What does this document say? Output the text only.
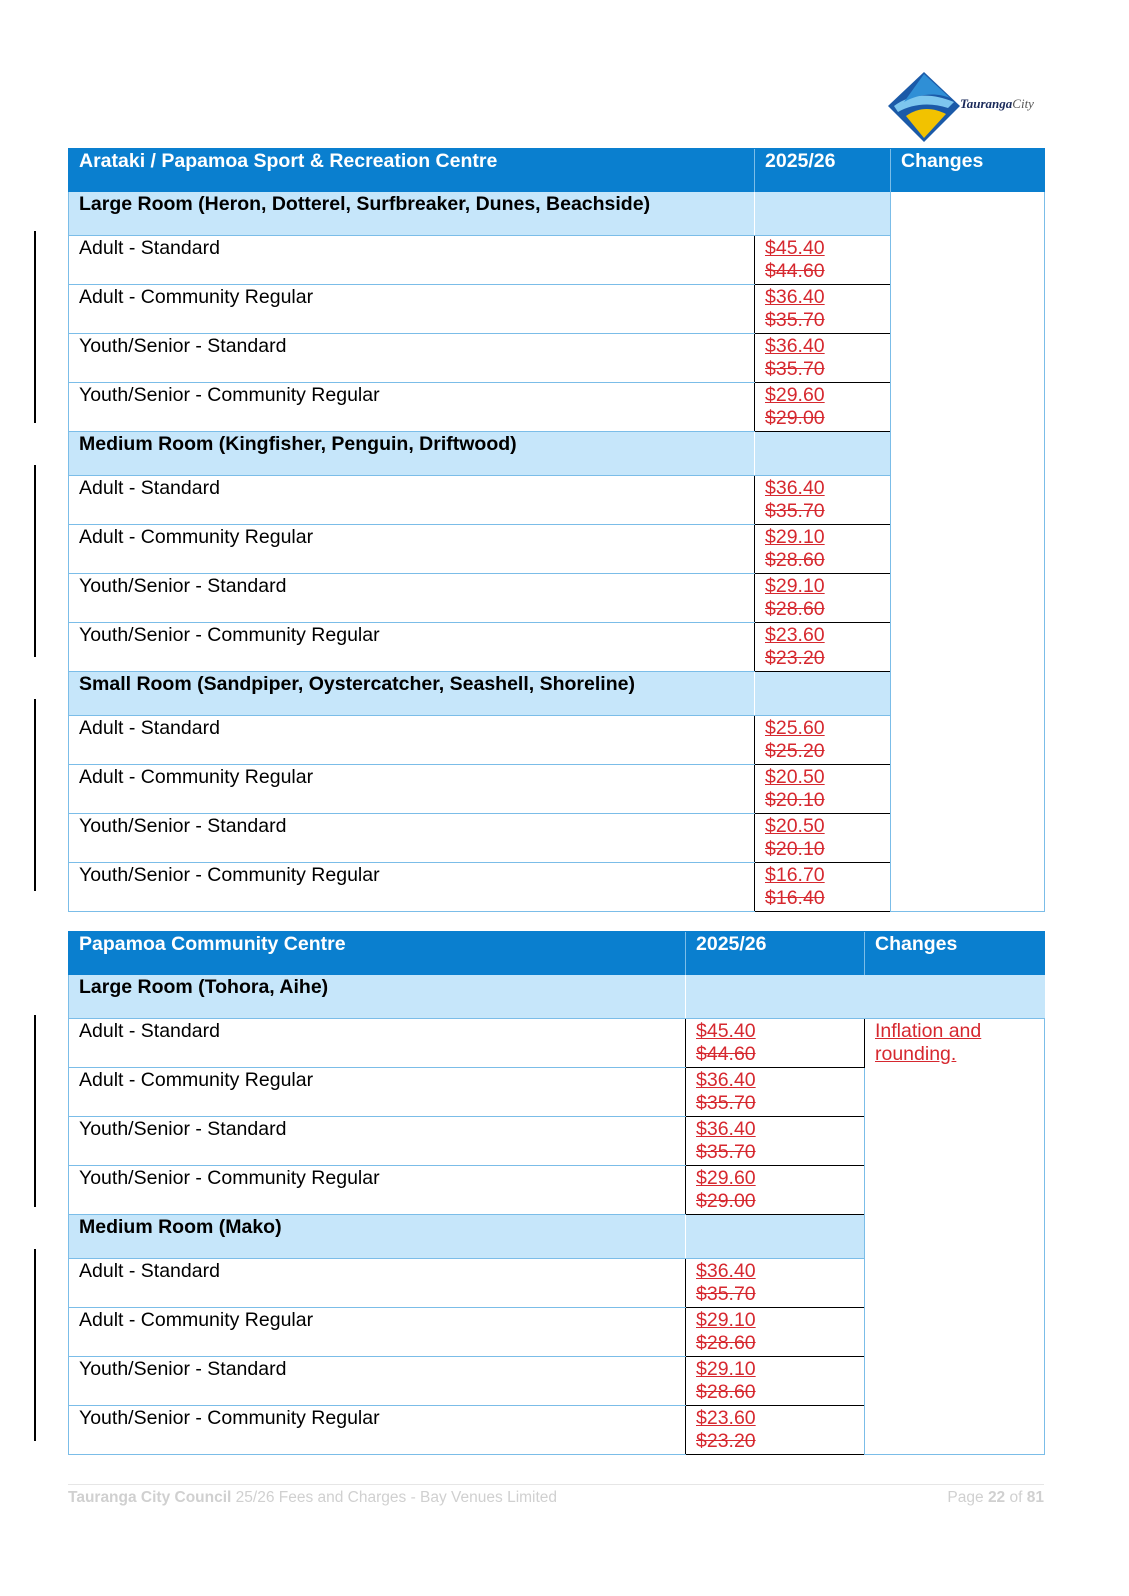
TaurangaCity
Arataki / Papamoa Sport & Recreation Centre	2025/26	Changes
Large Room (Heron, Dotterel, Surfbreaker, Dunes, Beachside)		
Adult - Standard	$45.40
$44.60	

Adult - Community Regular	$36.40
$35.70	

Youth/Senior - Standard	$36.40
$35.70	

Youth/Senior - Community Regular	$29.60
$29.00	

Medium Room (Kingfisher, Penguin, Driftwood)		
Adult - Standard	$36.40
$35.70	

Adult - Community Regular	$29.10
$28.60	

Youth/Senior - Standard	$29.10
$28.60	

Youth/Senior - Community Regular	$23.60
$23.20	

Small Room (Sandpiper, Oystercatcher, Seashell, Shoreline)		
Adult - Standard	$25.60
$25.20	

Adult - Community Regular	$20.50
$20.10	

Youth/Senior - Standard	$20.50
$20.10	

Youth/Senior - Community Regular	$16.70
$16.40	
Papamoa Community Centre	2025/26	Changes
Large Room (Tohora, Aihe)		
Adult - Standard	$45.40
$44.60	Inflation and rounding.
Adult - Community Regular	$36.40
$35.70	

Youth/Senior - Standard	$36.40
$35.70	

Youth/Senior - Community Regular	$29.60
$29.00	

Medium Room (Mako)		
Adult - Standard	$36.40
$35.70	

Adult - Community Regular	$29.10
$28.60	

Youth/Senior - Standard	$29.10
$28.60	

Youth/Senior - Community Regular	$23.60
$23.20	
Tauranga City Council 25/26 Fees and Charges - Bay Venues Limited	Page 22 of 81
